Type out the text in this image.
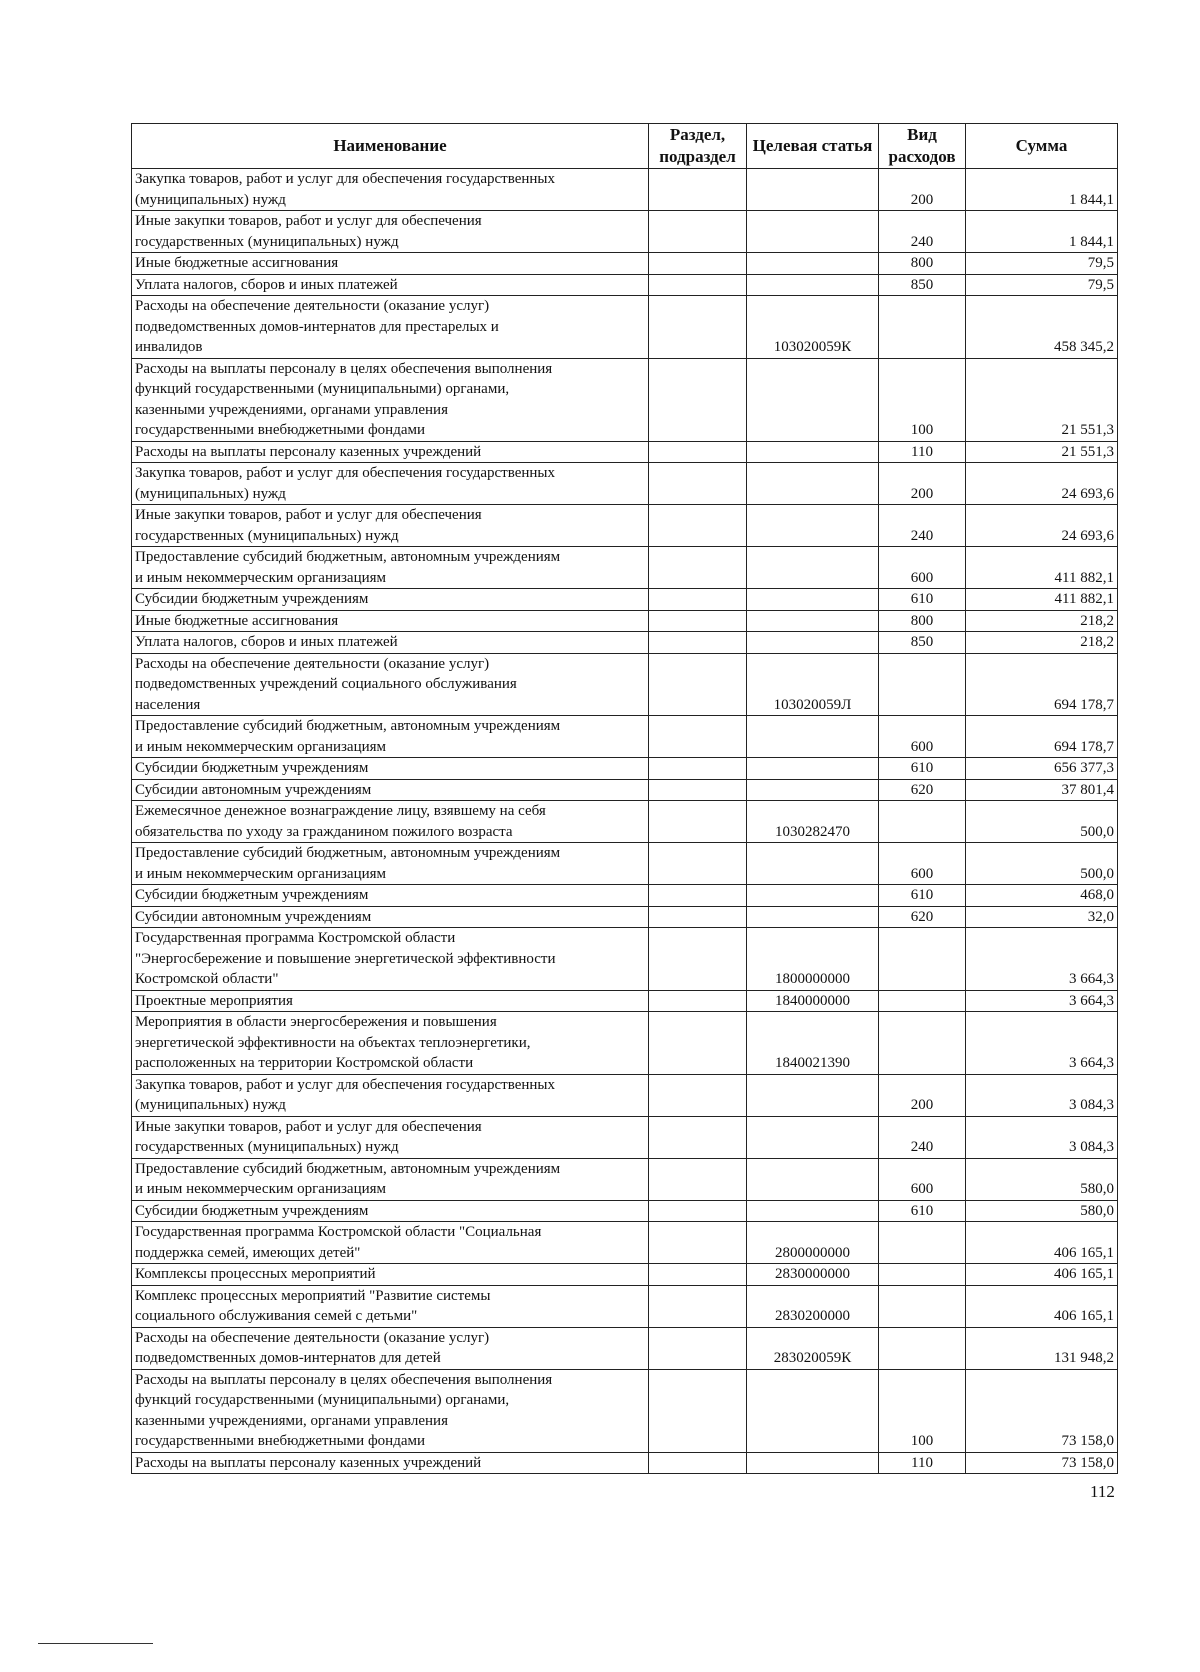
Наименование	Раздел, подраздел	Целевая статья	Вид расходов	Сумма
Закупка товаров, работ и услуг для обеспечения государственных
(муниципальных) нужд			200	1 844,1
Иные закупки товаров, работ и услуг для обеспечения
государственных (муниципальных) нужд			240	1 844,1
Иные бюджетные ассигнования			800	79,5
Уплата налогов, сборов и иных платежей			850	79,5
Расходы на обеспечение деятельности (оказание услуг)
подведомственных домов-интернатов для престарелых и
инвалидов		103020059К		458 345,2
Расходы на выплаты персоналу в целях обеспечения выполнения
функций государственными (муниципальными) органами,
казенными учреждениями, органами управления
государственными внебюджетными фондами			100	21 551,3
Расходы на выплаты персоналу казенных учреждений			110	21 551,3
Закупка товаров, работ и услуг для обеспечения государственных
(муниципальных) нужд			200	24 693,6
Иные закупки товаров, работ и услуг для обеспечения
государственных (муниципальных) нужд			240	24 693,6
Предоставление субсидий бюджетным, автономным учреждениям
и иным некоммерческим организациям			600	411 882,1
Субсидии бюджетным учреждениям			610	411 882,1
Иные бюджетные ассигнования			800	218,2
Уплата налогов, сборов и иных платежей			850	218,2
Расходы на обеспечение деятельности (оказание услуг)
подведомственных учреждений социального обслуживания
населения		103020059Л		694 178,7
Предоставление субсидий бюджетным, автономным учреждениям
и иным некоммерческим организациям			600	694 178,7
Субсидии бюджетным учреждениям			610	656 377,3
Субсидии автономным учреждениям			620	37 801,4
Ежемесячное денежное вознаграждение лицу, взявшему на себя
обязательства по уходу за гражданином пожилого возраста		1030282470		500,0
Предоставление субсидий бюджетным, автономным учреждениям
и иным некоммерческим организациям			600	500,0
Субсидии бюджетным учреждениям			610	468,0
Субсидии автономным учреждениям			620	32,0
Государственная программа Костромской области
"Энергосбережение и повышение энергетической эффективности
Костромской области"		1800000000		3 664,3
Проектные мероприятия		1840000000		3 664,3
Мероприятия в области энергосбережения и повышения
энергетической эффективности на объектах теплоэнергетики,
расположенных на территории Костромской области		1840021390		3 664,3
Закупка товаров, работ и услуг для обеспечения государственных
(муниципальных) нужд			200	3 084,3
Иные закупки товаров, работ и услуг для обеспечения
государственных (муниципальных) нужд			240	3 084,3
Предоставление субсидий бюджетным, автономным учреждениям
и иным некоммерческим организациям			600	580,0
Субсидии бюджетным учреждениям			610	580,0
Государственная программа Костромской области "Социальная
поддержка семей, имеющих детей"		2800000000		406 165,1
Комплексы процессных мероприятий		2830000000		406 165,1
Комплекс процессных мероприятий "Развитие системы
социального обслуживания семей с детьми"		2830200000		406 165,1
Расходы на обеспечение деятельности (оказание услуг)
подведомственных домов-интернатов для детей		283020059К		131 948,2
Расходы на выплаты персоналу в целях обеспечения выполнения
функций государственными (муниципальными) органами,
казенными учреждениями, органами управления
государственными внебюджетными фондами			100	73 158,0
Расходы на выплаты персоналу казенных учреждений			110	73 158,0
112
